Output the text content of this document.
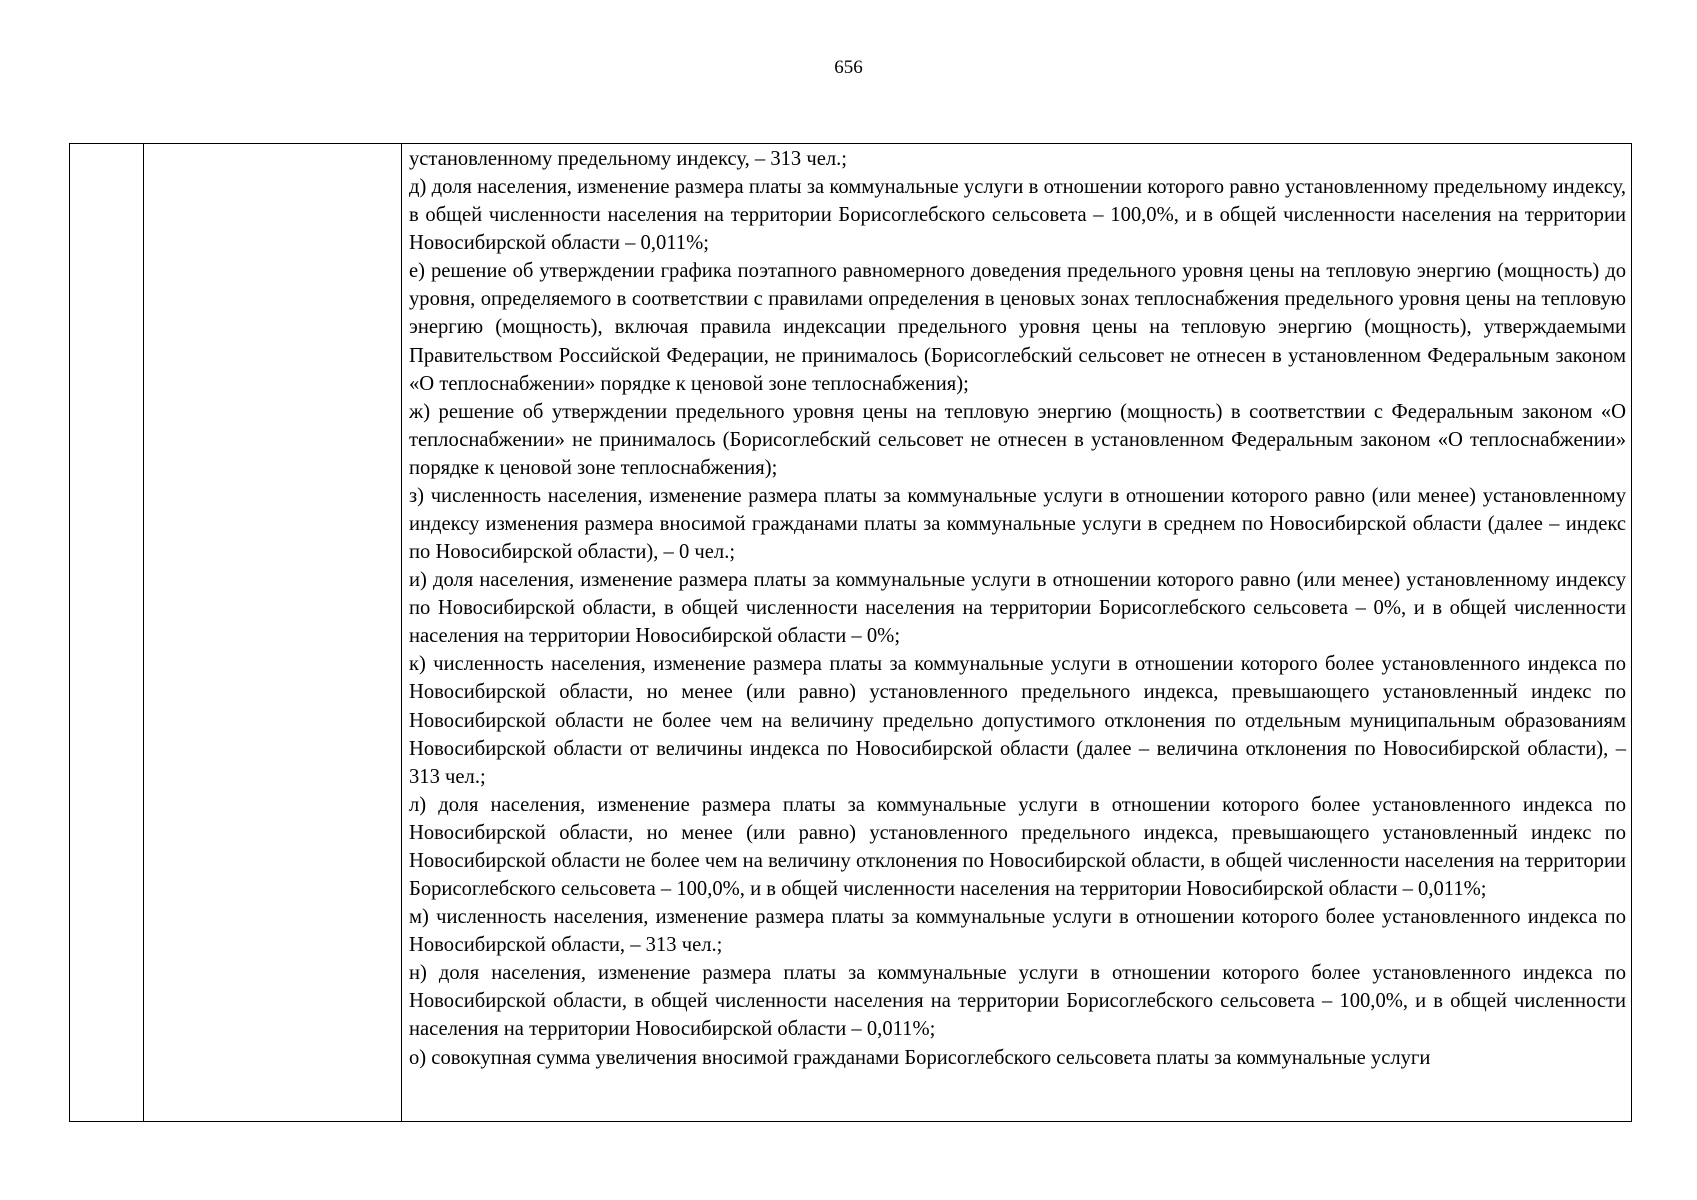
656

установленному предельному индексу, – 313 чел.;

д) доля населения, изменение размера платы за коммунальные услуги в отношении которого равно установленному предельному индексу, в общей численности населения на территории Борисоглебского сельсовета – 100,0%, и в общей численности населения на территории Новосибирской области – 0,011%;

е) решение об утверждении графика поэтапного равномерного доведения предельного уровня цены на тепловую энергию (мощность) до уровня, определяемого в соответствии с правилами определения в ценовых зонах теплоснабжения предельного уровня цены на тепловую энергию (мощность), включая правила индексации предельного уровня цены на тепловую энергию (мощность), утверждаемыми Правительством Российской Федерации, не принималось (Борисоглебский сельсовет не отнесен в установленном Федеральным законом «О теплоснабжении» порядке к ценовой зоне теплоснабжения);

ж) решение об утверждении предельного уровня цены на тепловую энергию (мощность) в соответствии с Федеральным законом «О теплоснабжении» не принималось (Борисоглебский сельсовет не отнесен в установленном Федеральным законом «О теплоснабжении» порядке к ценовой зоне теплоснабжения);

з) численность населения, изменение размера платы за коммунальные услуги в отношении которого равно (или менее) установленному индексу изменения размера вносимой гражданами платы за коммунальные услуги в среднем по Новосибирской области (далее – индекс по Новосибирской области), – 0 чел.;

и) доля населения, изменение размера платы за коммунальные услуги в отношении которого равно (или менее) установленному индексу по Новосибирской области, в общей численности населения на территории Борисоглебского сельсовета – 0%, и в общей численности населения на территории Новосибирской области – 0%;

к) численность населения, изменение размера платы за коммунальные услуги в отношении которого более установленного индекса по Новосибирской области, но менее (или равно) установленного предельного индекса, превышающего установленный индекс по Новосибирской области не более чем на величину предельно допустимого отклонения по отдельным муниципальным образованиям Новосибирской области от величины индекса по Новосибирской области (далее – величина отклонения по Новосибирской области), – 313 чел.;

л) доля населения, изменение размера платы за коммунальные услуги в отношении которого более установленного индекса по Новосибирской области, но менее (или равно) установленного предельного индекса, превышающего установленный индекс по Новосибирской области не более чем на величину отклонения по Новосибирской области, в общей численности населения на территории Борисоглебского сельсовета – 100,0%, и в общей численности населения на территории Новосибирской области – 0,011%;

м) численность населения, изменение размера платы за коммунальные услуги в отношении которого более установленного индекса по Новосибирской области, – 313 чел.;

н) доля населения, изменение размера платы за коммунальные услуги в отношении которого более установленного индекса по Новосибирской области, в общей численности населения на территории Борисоглебского сельсовета – 100,0%, и в общей численности населения на территории Новосибирской области – 0,011%;

о) совокупная сумма увеличения вносимой гражданами Борисоглебского сельсовета платы за коммунальные услуги
